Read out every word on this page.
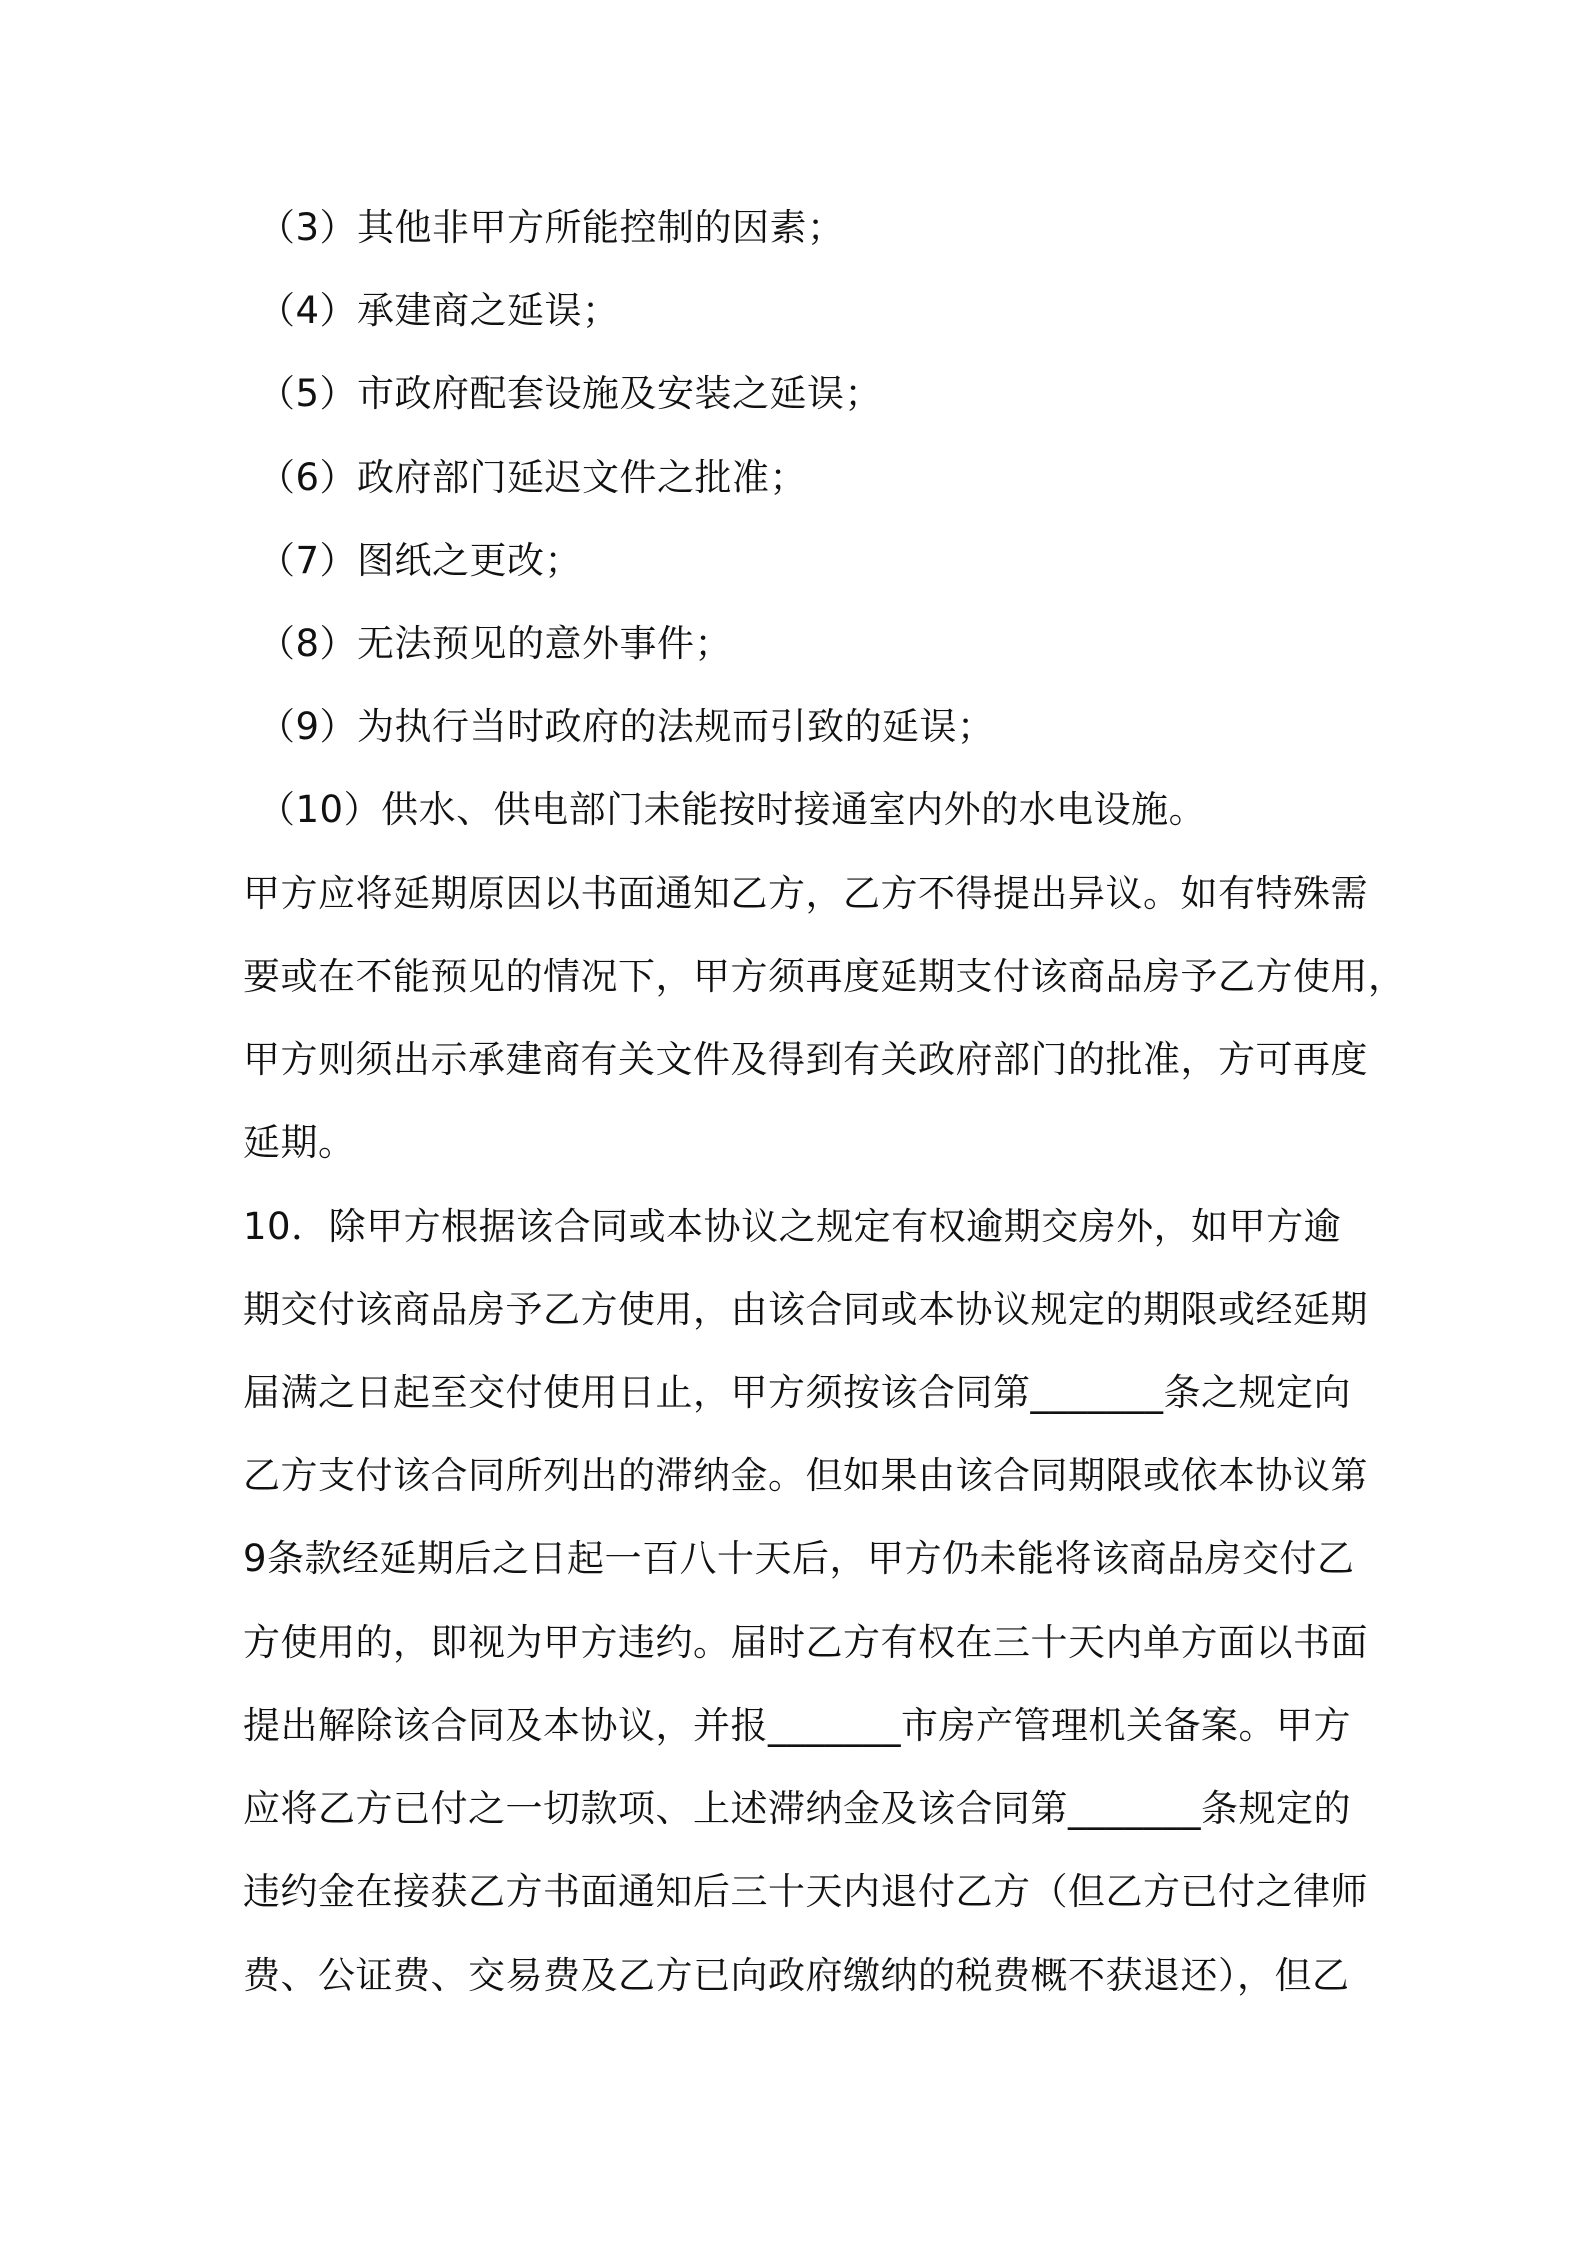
（3）其他非甲方所能控制的因素；
（4）承建商之延误；
（5）市政府配套设施及安装之延误；
（6）政府部门延迟文件之批准；
（7）图纸之更改；
（8）无法预见的意外事件；
（9）为执行当时政府的法规而引致的延误；
（10）供水、供电部门未能按时接通室内外的水电设施。
甲方应将延期原因以书面通知乙方，乙方不得提出异议。如有特殊需
要或在不能预见的情况下，甲方须再度延期支付该商品房予乙方使用，
甲方则须出示承建商有关文件及得到有关政府部门的批准，方可再度
延期。
10．除甲方根据该合同或本协议之规定有权逾期交房外，如甲方逾
期交付该商品房予乙方使用，由该合同或本协议规定的期限或经延期
届满之日起至交付使用日止，甲方须按该合同第_______条之规定向
乙方支付该合同所列出的滞纳金。但如果由该合同期限或依本协议第
9条款经延期后之日起一百八十天后，甲方仍未能将该商品房交付乙
方使用的，即视为甲方违约。届时乙方有权在三十天内单方面以书面
提出解除该合同及本协议，并报_______市房产管理机关备案。甲方
应将乙方已付之一切款项、上述滞纳金及该合同第_______条规定的
违约金在接获乙方书面通知后三十天内退付乙方（但乙方已付之律师
费、公证费、交易费及乙方已向政府缴纳的税费概不获退还），但乙
